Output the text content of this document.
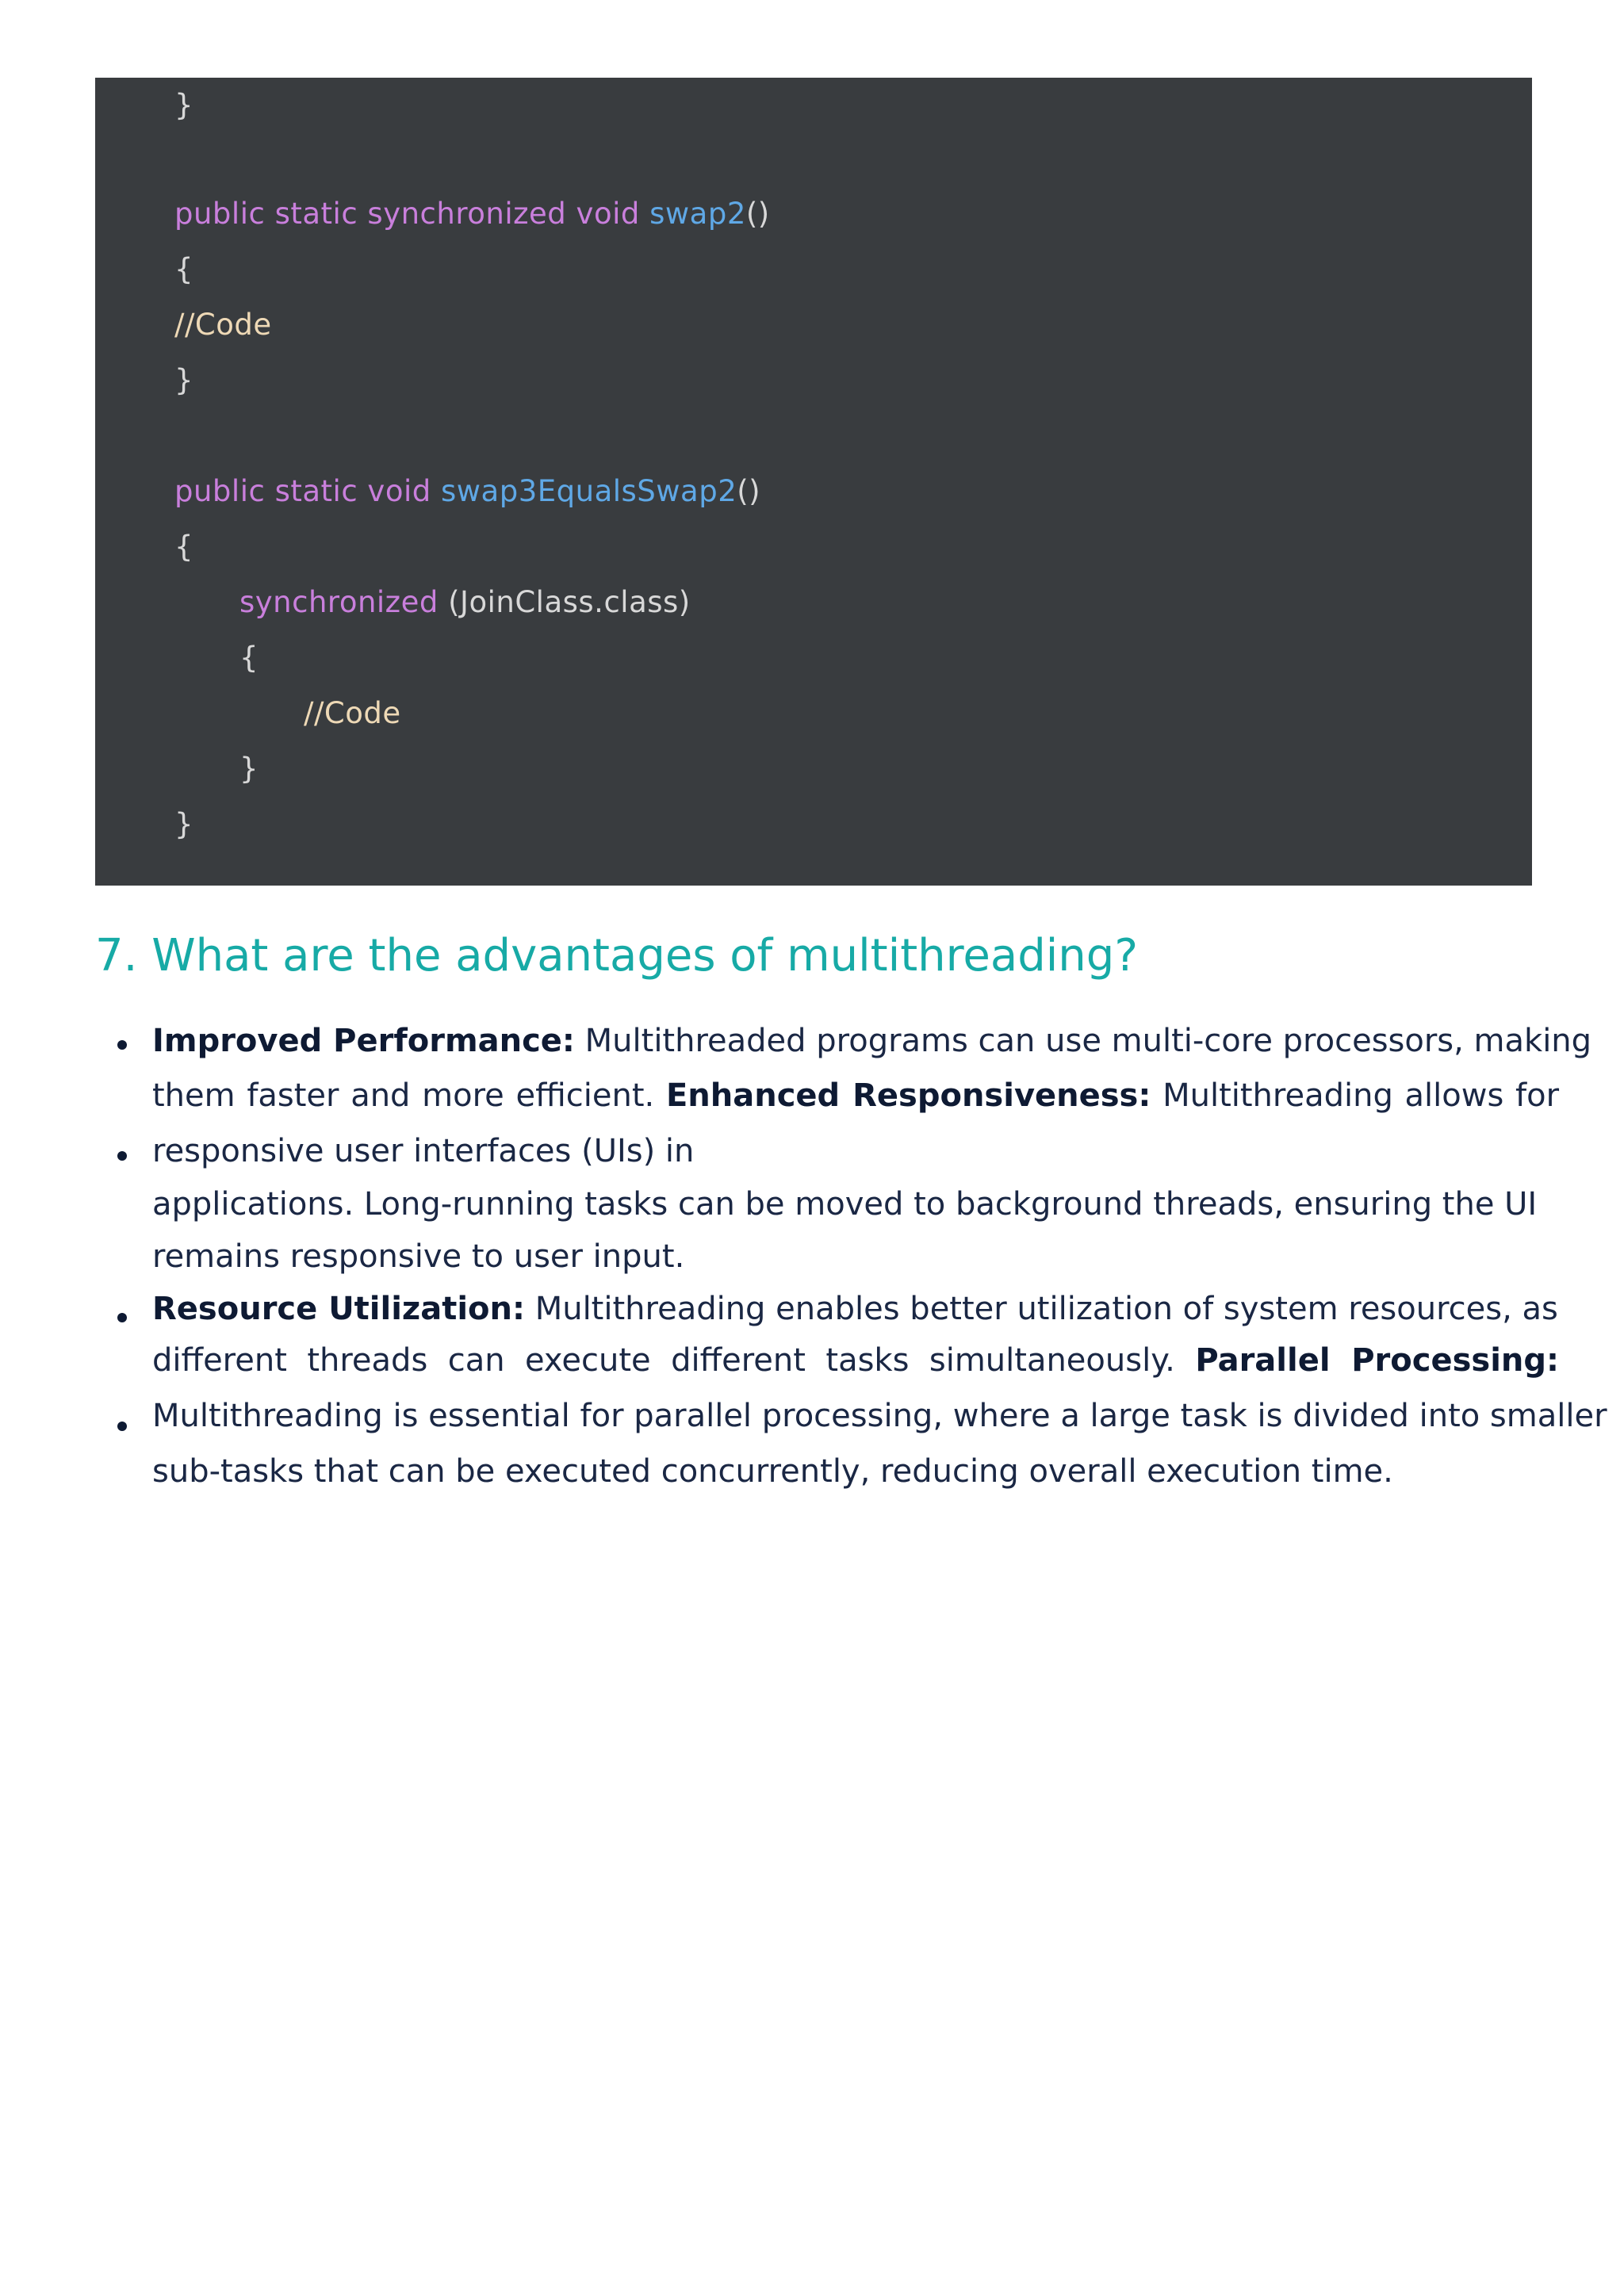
}
public static synchronized void swap2()
{
//Code
}
public static void swap3EqualsSwap2()
{
synchronized (JoinClass.class)
{
//Code
}
}
7. What are the advantages of multithreading?
Improved Performance: Multithreaded programs can use multi-core processors, making
them faster and more efficient. Enhanced Responsiveness: Multithreading allows for
responsive user interfaces (UIs) in
applications. Long-running tasks can be moved to background threads, ensuring the UI
remains responsive to user input.
Resource Utilization: Multithreading enables better utilization of system resources, as
different threads can execute different tasks simultaneously. Parallel Processing:
Multithreading is essential for parallel processing, where a large task is divided into smaller
sub-tasks that can be executed concurrently, reducing overall execution time.
